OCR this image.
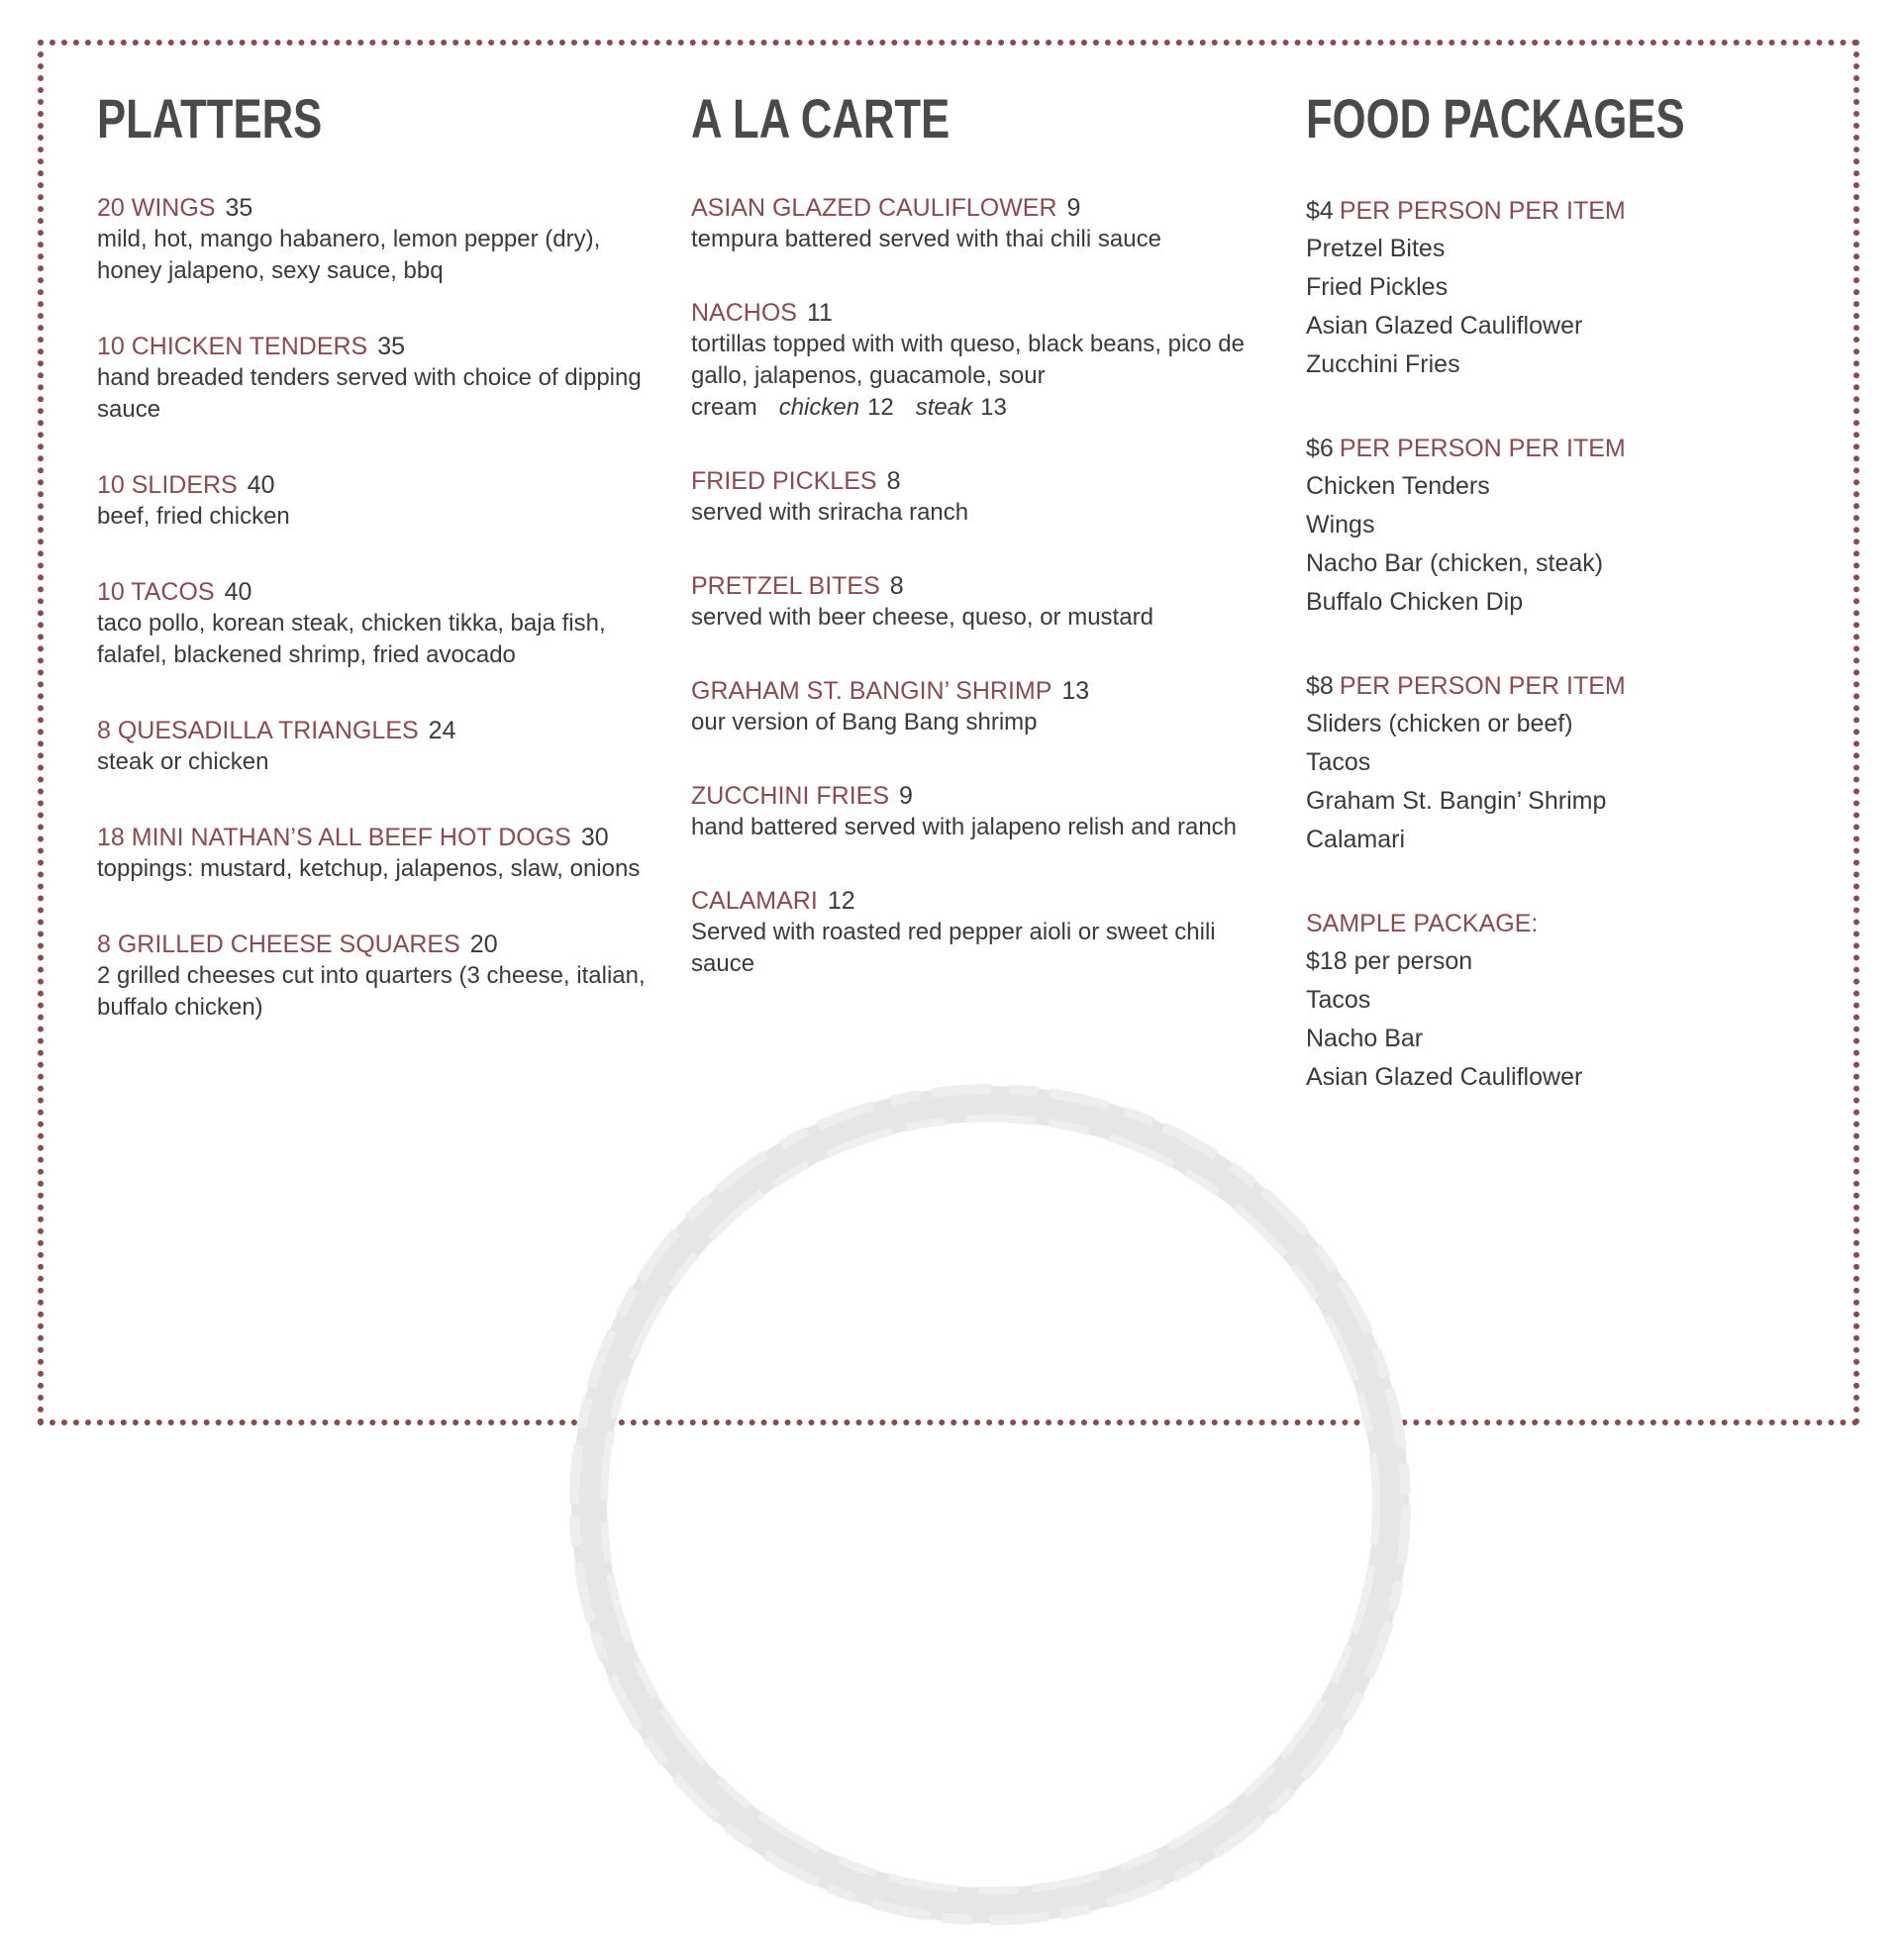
PLATTERS
20 WINGS 35
mild, hot, mango habanero, lemon pepper (dry), honey jalapeno, sexy sauce, bbq
10 CHICKEN TENDERS 35
hand breaded tenders served with choice of dipping sauce
10 SLIDERS 40
beef, fried chicken
10 TACOS 40
taco pollo, korean steak, chicken tikka, baja fish, falafel, blackened shrimp, fried avocado
8 QUESADILLA TRIANGLES 24
steak or chicken
18 MINI NATHAN’S ALL BEEF HOT DOGS 30
toppings: mustard, ketchup, jalapenos, slaw, onions
8 GRILLED CHEESE SQUARES 20
2 grilled cheeses cut into quarters (3 cheese, italian, buffalo chicken)
A LA CARTE
ASIAN GLAZED CAULIFLOWER 9
tempura battered served with thai chili sauce
NACHOS 11
tortillas topped with with queso, black beans, pico de gallo, jalapenos, guacamole, sour cream chicken 12 steak 13
FRIED PICKLES 8
served with sriracha ranch
PRETZEL BITES 8
served with beer cheese, queso, or mustard
GRAHAM ST. BANGIN’ SHRIMP 13
our version of Bang Bang shrimp
ZUCCHINI FRIES 9
hand battered served with jalapeno relish and ranch
CALAMARI 12
Served with roasted red pepper aioli or sweet chili sauce
FOOD PACKAGES
$4 PER PERSON PER ITEM
Pretzel Bites
Fried Pickles
Asian Glazed Cauliflower
Zucchini Fries
$6 PER PERSON PER ITEM
Chicken Tenders
Wings
Nacho Bar (chicken, steak)
Buffalo Chicken Dip
$8 PER PERSON PER ITEM
Sliders (chicken or beef)
Tacos
Graham St. Bangin’ Shrimp
Calamari
SAMPLE PACKAGE:
$18 per person
Tacos
Nacho Bar
Asian Glazed Cauliflower
